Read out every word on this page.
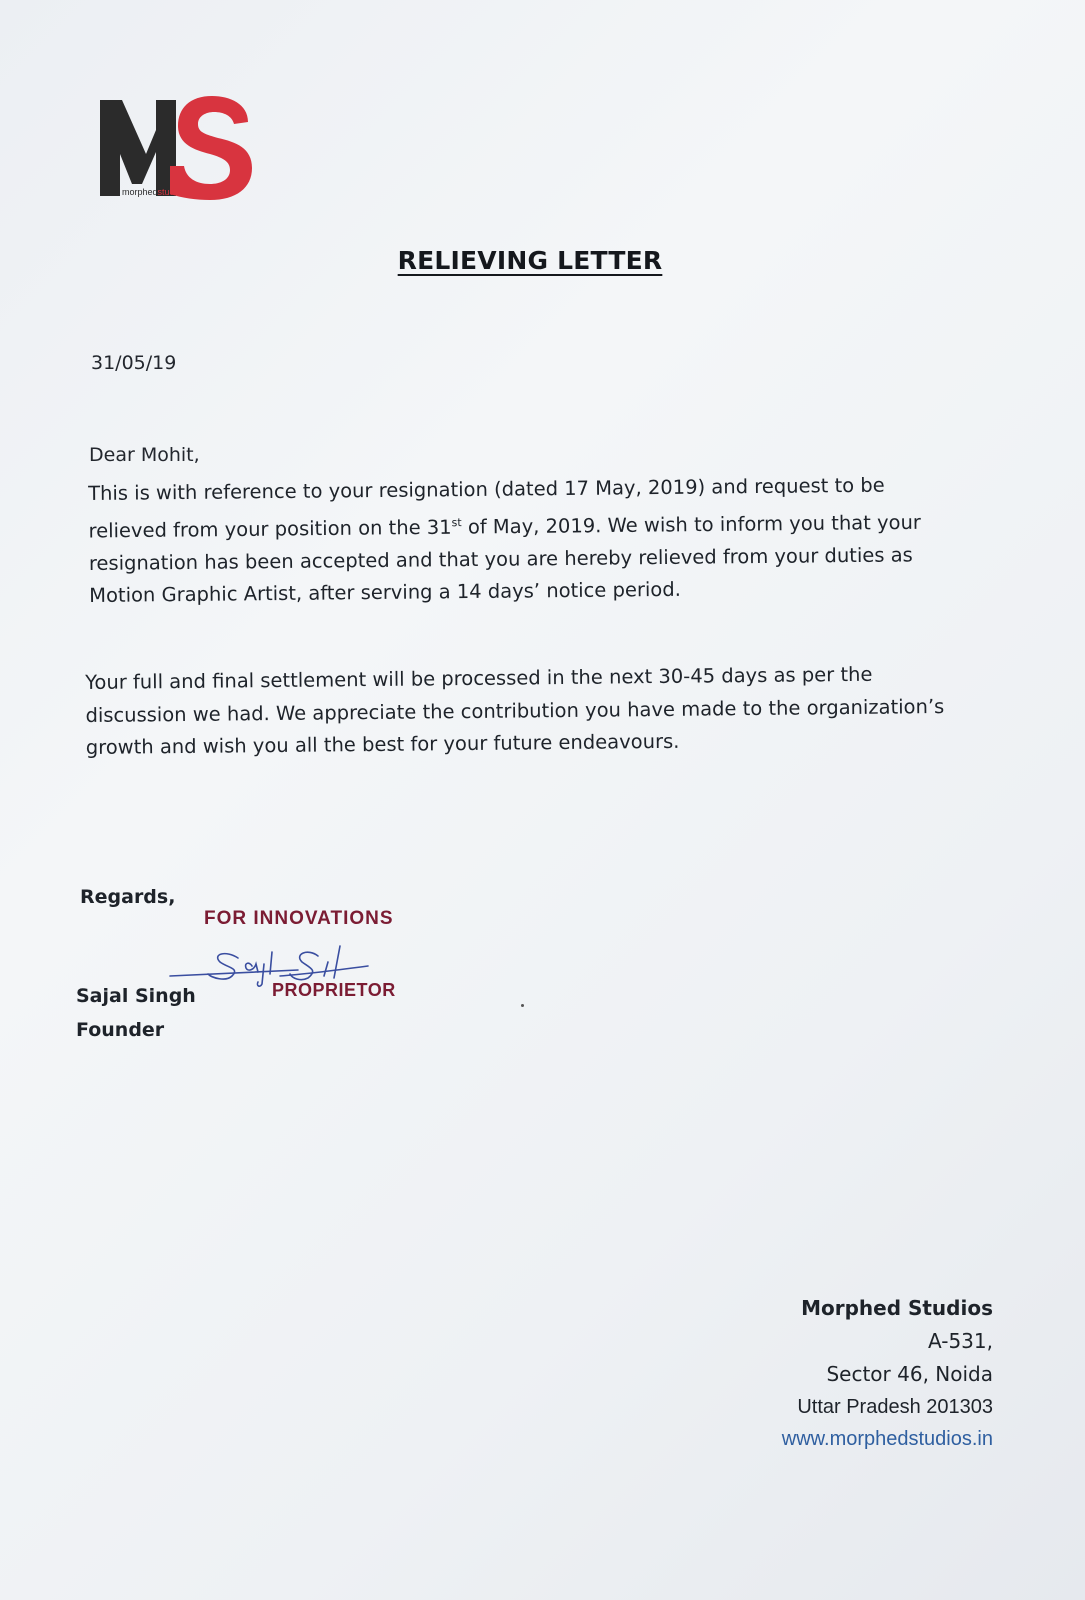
morphedstudio
RELIEVING LETTER
31/05/19
Dear Mohit,
This is with reference to your resignation (dated 17 May, 2019) and request to be
relieved from your position on the 31st of May, 2019. We wish to inform you that your
resignation has been accepted and that you are hereby relieved from your duties as
Motion Graphic Artist, after serving a 14 days’ notice period.
Your full and final settlement will be processed in the next 30-45 days as per the
discussion we had. We appreciate the contribution you have made to the organization’s
growth and wish you all the best for your future endeavours.
Regards,
FOR INNOVATIONS
PROPRIETOR
Sajal Singh
Founder
Morphed Studios
A-531,
Sector 46, Noida
Uttar Pradesh 201303
www.morphedstudios.in
